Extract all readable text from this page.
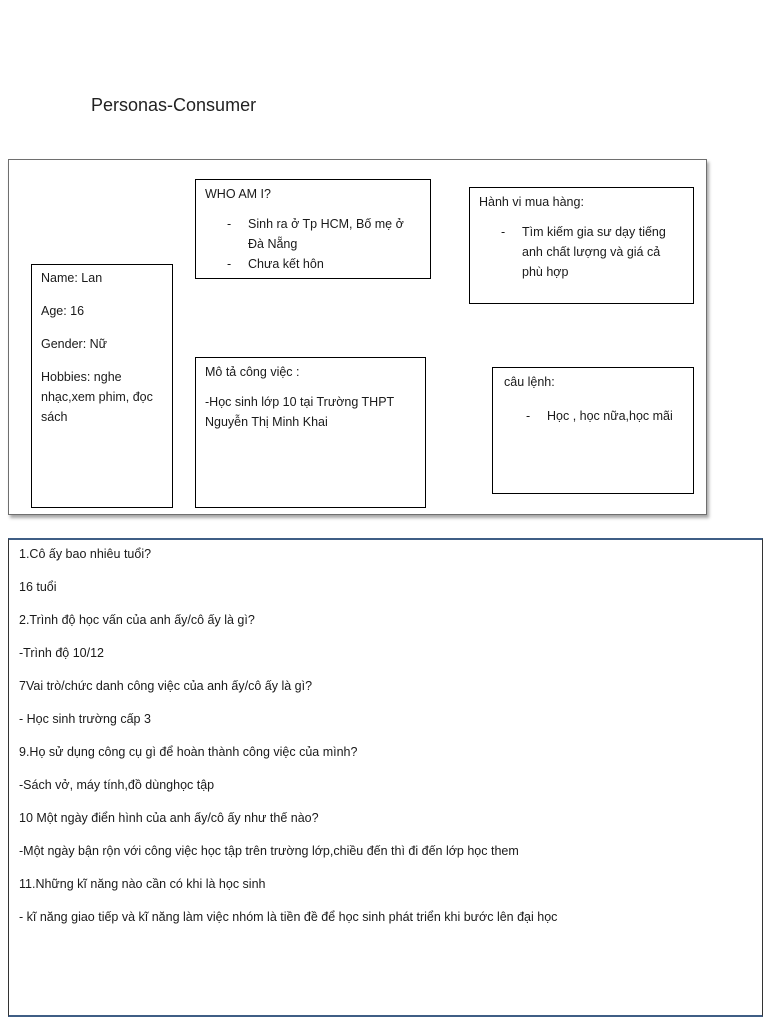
Personas-Consumer

Name: Lan

Age: 16

Gender: Nữ

Hobbies: nghe nhạc,xem phim, đọc sách

WHO AM I?

- Sinh ra ở Tp HCM, Bố mẹ ở Đà Nẵng
- Chưa kết hôn

Mô tả công việc :

-Học sinh lớp 10 tại Trường THPT Nguyễn Thị Minh Khai

Hành vi mua hàng:

- Tìm kiếm gia sư dạy tiếng anh chất lượng và giá cả phù hợp

câu lệnh:

- Học , học nữa,học mãi

1.Cô ấy bao nhiêu tuổi?

16 tuổi

2.Trình độ học vấn của anh ấy/cô ấy là gì?

-Trình độ 10/12

7Vai trò/chức danh công việc của anh ấy/cô ấy là gì?

- Học sinh trường cấp 3

9.Họ sử dụng công cụ gì để hoàn thành công việc của mình?

-Sách vở, máy tính,đồ dùnghọc tập

10 Một ngày điển hình của anh ấy/cô ấy như thế nào?

-Một ngày bận rộn với công việc học tập trên trường lớp,chiều đến thì đi đến lớp học them

11.Những kĩ năng nào cần có khi là học sinh

- kĩ năng giao tiếp và kĩ năng làm việc nhóm là tiền đề để học sinh phát triển khi bước lên đại học
